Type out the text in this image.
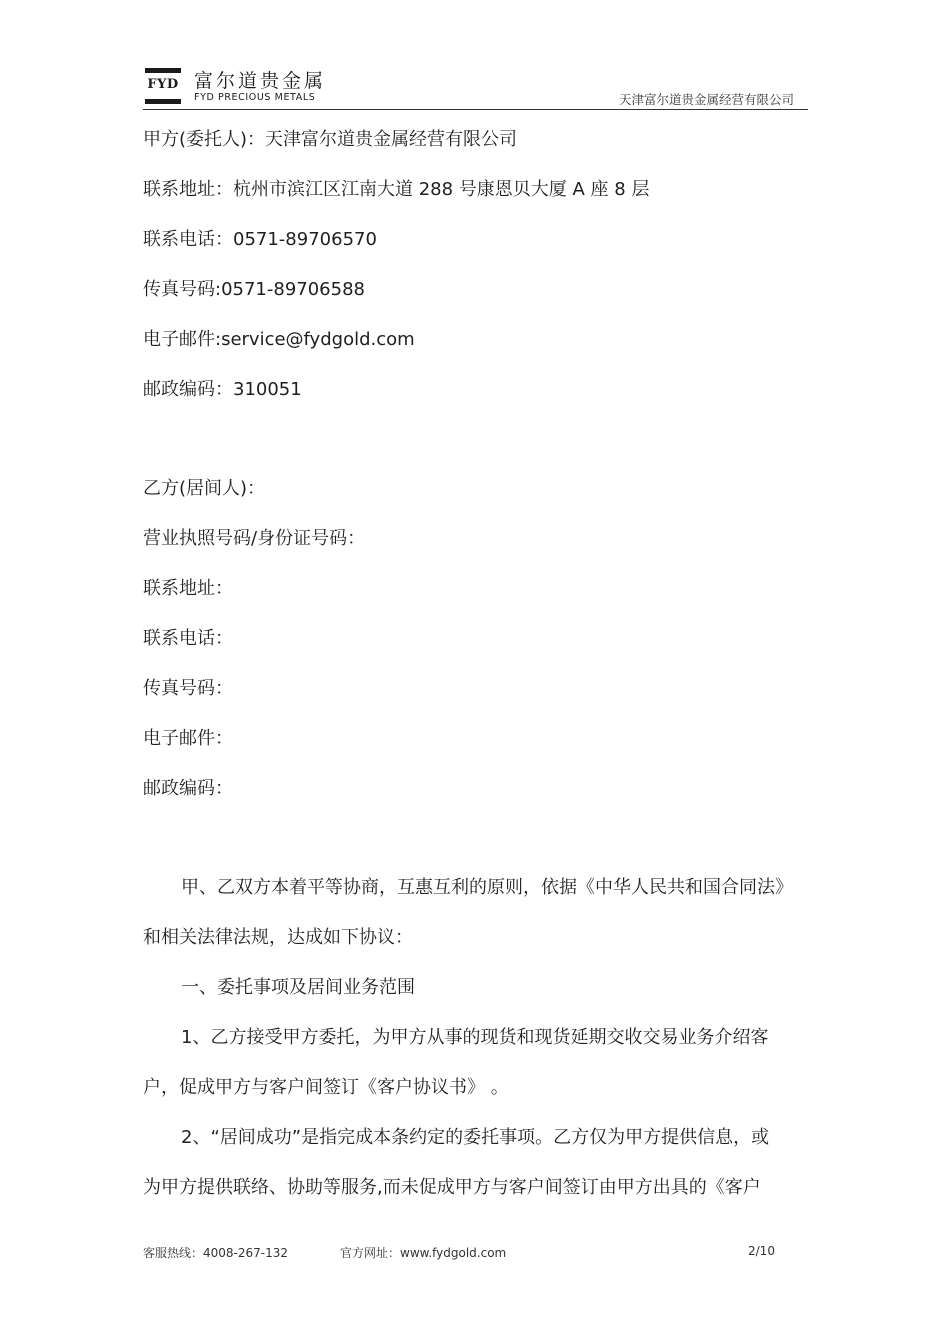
FYD 富尔道贵金属
FYD PRECIOUS METALS	天津富尔道贵金属经营有限公司
甲方(委托人)：天津富尔道贵金属经营有限公司
联系地址：杭州市滨江区江南大道 288 号康恩贝大厦 A 座 8 层
联系电话：0571-89706570
传真号码:0571-89706588
电子邮件:service@fydgold.com
邮政编码：310051
乙方(居间人)：
营业执照号码/身份证号码：
联系地址：
联系电话：
传真号码：
电子邮件：
邮政编码：
甲、乙双方本着平等协商，互惠互利的原则，依据《中华人民共和国合同法》
和相关法律法规，达成如下协议：
一、委托事项及居间业务范围
1、乙方接受甲方委托，为甲方从事的现货和现货延期交收交易业务介绍客
户，促成甲方与客户间签订《客户协议书》 。
2、“居间成功”是指完成本条约定的委托事项。乙方仅为甲方提供信息，或
为甲方提供联络、协助等服务,而未促成甲方与客户间签订由甲方出具的《客户
客服热线：4008-267-132	官方网址：www.fydgold.com	2/10
